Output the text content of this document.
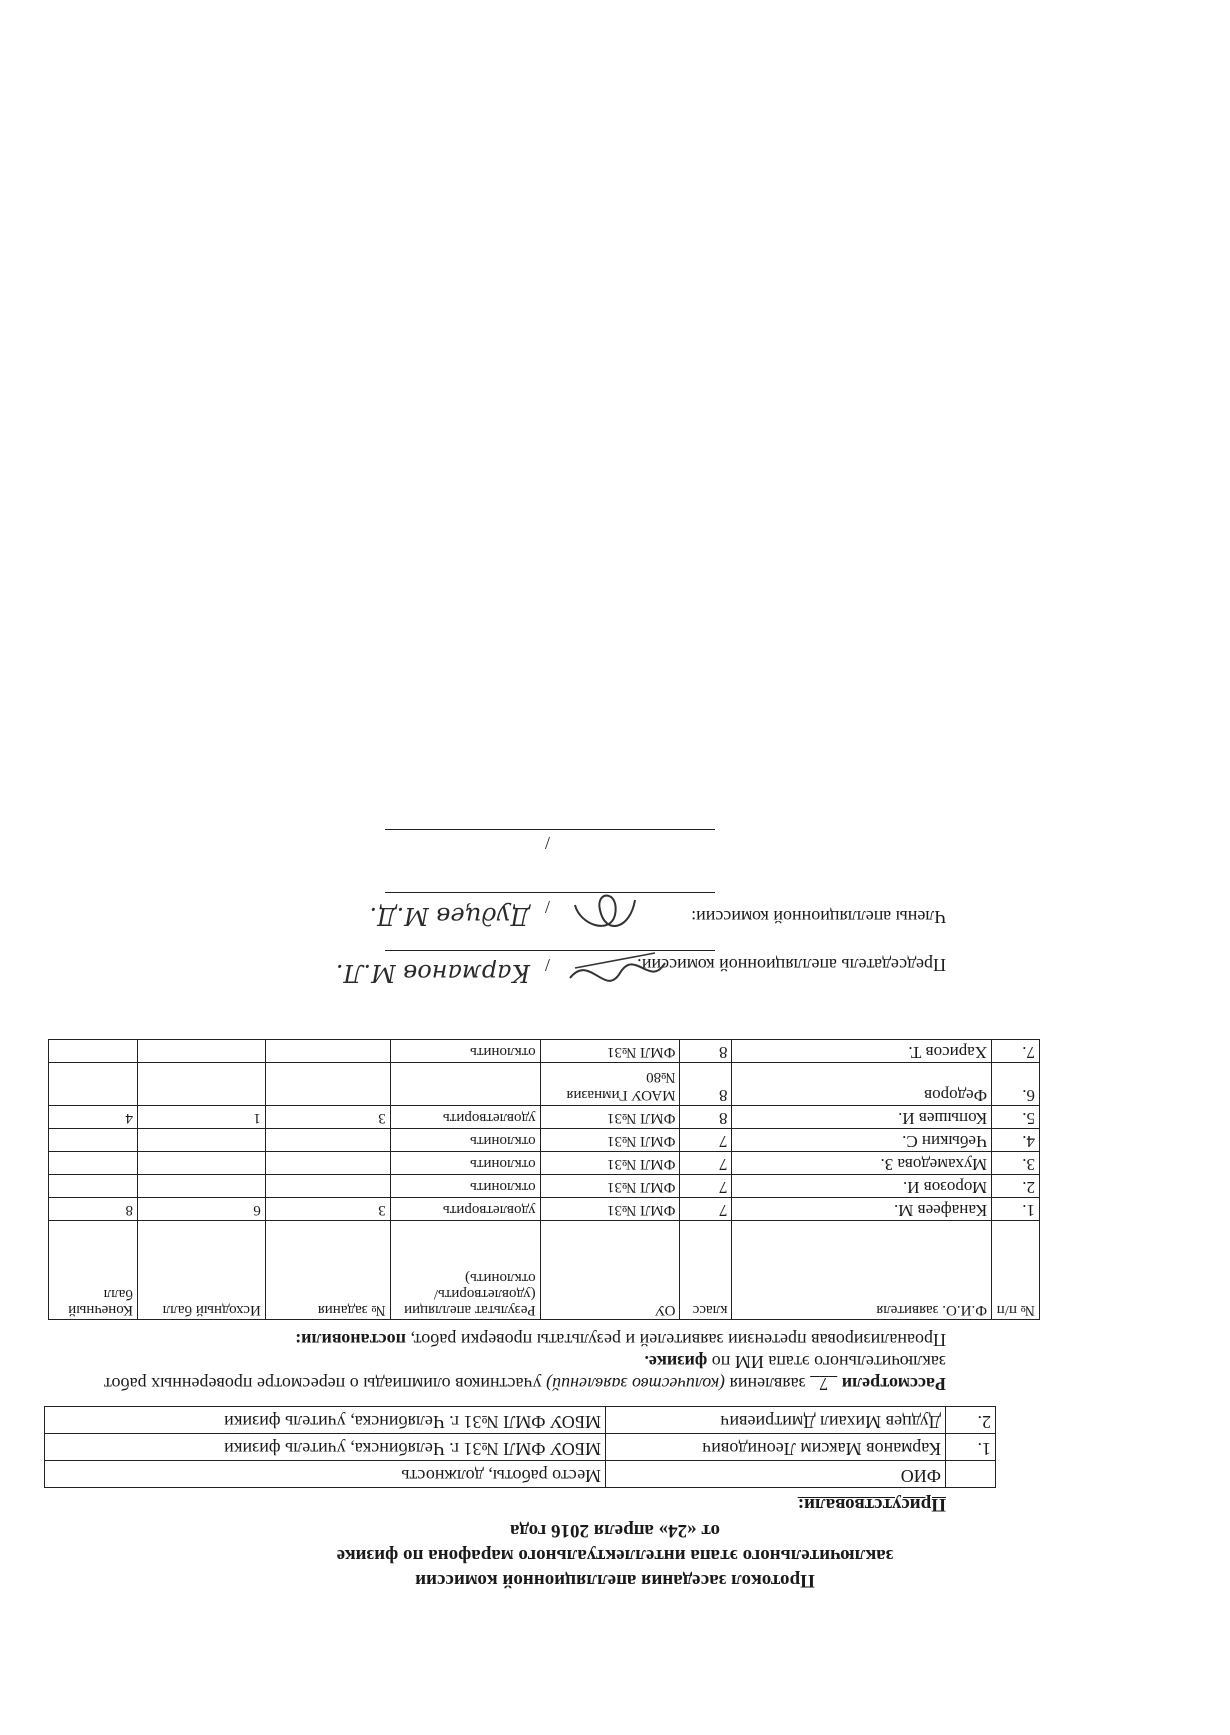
Протокол заседания апелляционной комиссии
заключительного этапа интеллектуального марафона по физике
от «24» апреля 2016 года
Присутствовали:
	ФИО	Место работы, должность
1.	Карманов Максим Леонидович	МБОУ ФМЛ №31 г. Челябинска, учитель физики
2.	Дудцев Михаил Дмитриевич	МБОУ ФМЛ №31 г. Челябинска, учитель физики
Рассмотрели   7   заявления (количество заявлений) участников олимпиады о пересмотре проверенных работ заключительного этапа ИМ по физике.
Проанализировав претензии заявителей и результаты проверки работ, постановили:
№ п/п	Ф.И.О. заявителя	класс	ОУ	Результат апелляции (удовлетворить/ отклонить)	№ задания	Исходный балл	Конечный балл
1.	Канафеев М.	7	ФМЛ №31	удовлетворить	3	6	8
2.	Морозов И.	7	ФМЛ №31	отклонить			
3.	Мухамедова З.	7	ФМЛ №31	отклонить			
4.	Чебыкин С.	7	ФМЛ №31	отклонить			
5.	Копышев И.	8	ФМЛ №31	удовлетворить	3	1	4
6.	Федоров	8	МАОУ Гимназия №80				
7.	Харисов Т.	8	ФМЛ №31	отклонить			
Председатель апелляционной комиссии:
Члены апелляционной комиссии:
/
Карманов М.Л.
/
Дудцев М.Д.
/
